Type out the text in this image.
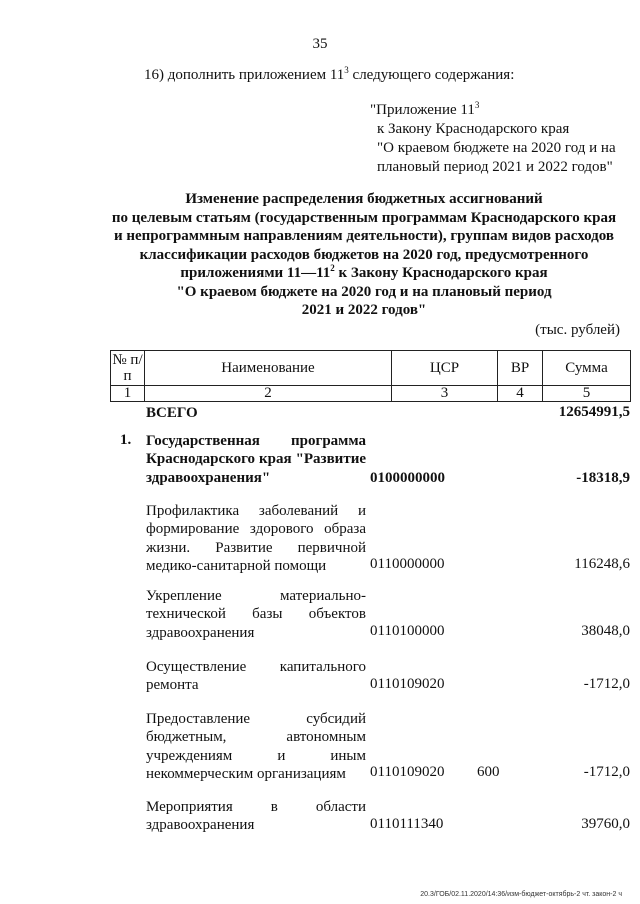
35
16) дополнить приложением $11^3$ следующего содержания:
"Приложение $11^3$
к Закону Краснодарского края
"О краевом бюджете на 2020 год и на
плановый период 2021 и 2022 годов"
Изменение распределения бюджетных ассигнований
по целевым статьям (государственным программам Краснодарского края
и непрограммным направлениям деятельности), группам видов расходов
классификации расходов бюджетов на 2020 год, предусмотренного
приложениями $11—11^2$ к Закону Краснодарского края
"О краевом бюджете на 2020 год и на плановый период
2021 и 2022 годов"
(тыс. рублей)
№ п/п	Наименование	ЦСР	ВР	Сумма
1	2	3	4	5
ВСЕГО	12654991,5
1. Государственная программа Краснодарского края "Развитие здравоохранения"	0100000000	-18318,9
Профилактика заболеваний и формирование здорового образа жизни. Развитие первичной медико-санитарной помощи	0110000000	116248,6
Укрепление материально-технической базы объектов здравоохранения	0110100000	38048,0
Осуществление капитального ремонта	0110109020	-1712,0
Предоставление субсидий бюджетным, автономным учреждениям и иным некоммерческим организациям	0110109020 600	-1712,0
Мероприятия в области здравоохранения	0110111340	39760,0
20.3/ГОБ/02.11.2020/14:36/изм-бюджет-октябрь-2 чт. закон-2 ч
